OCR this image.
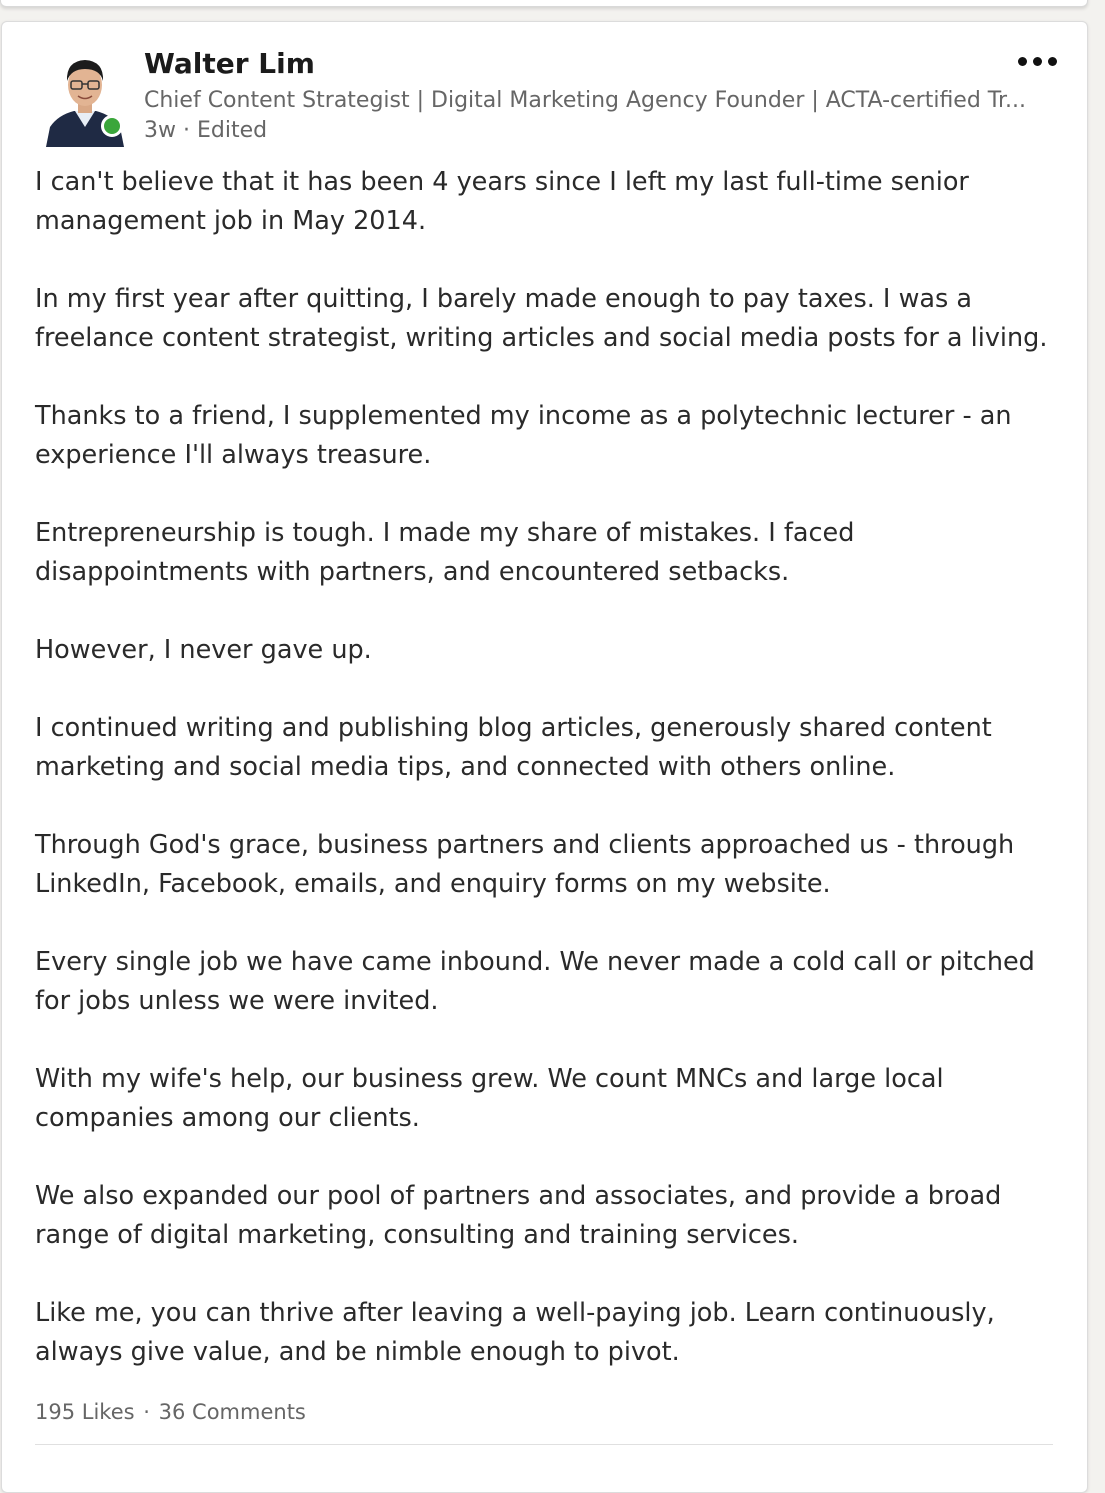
Walter Lim
Chief Content Strategist | Digital Marketing Agency Founder | ACTA-certified Tr...
3w · Edited

I can't believe that it has been 4 years since I left my last full-time senior management job in May 2014.

In my first year after quitting, I barely made enough to pay taxes. I was a freelance content strategist, writing articles and social media posts for a living.

Thanks to a friend, I supplemented my income as a polytechnic lecturer - an experience I'll always treasure.

Entrepreneurship is tough. I made my share of mistakes. I faced disappointments with partners, and encountered setbacks.

However, I never gave up.

I continued writing and publishing blog articles, generously shared content marketing and social media tips, and connected with others online.

Through God's grace, business partners and clients approached us - through LinkedIn, Facebook, emails, and enquiry forms on my website.

Every single job we have came inbound. We never made a cold call or pitched for jobs unless we were invited.

With my wife's help, our business grew. We count MNCs and large local companies among our clients.

We also expanded our pool of partners and associates, and provide a broad range of digital marketing, consulting and training services.

Like me, you can thrive after leaving a well-paying job. Learn continuously, always give value, and be nimble enough to pivot.

195 Likes · 36 Comments
